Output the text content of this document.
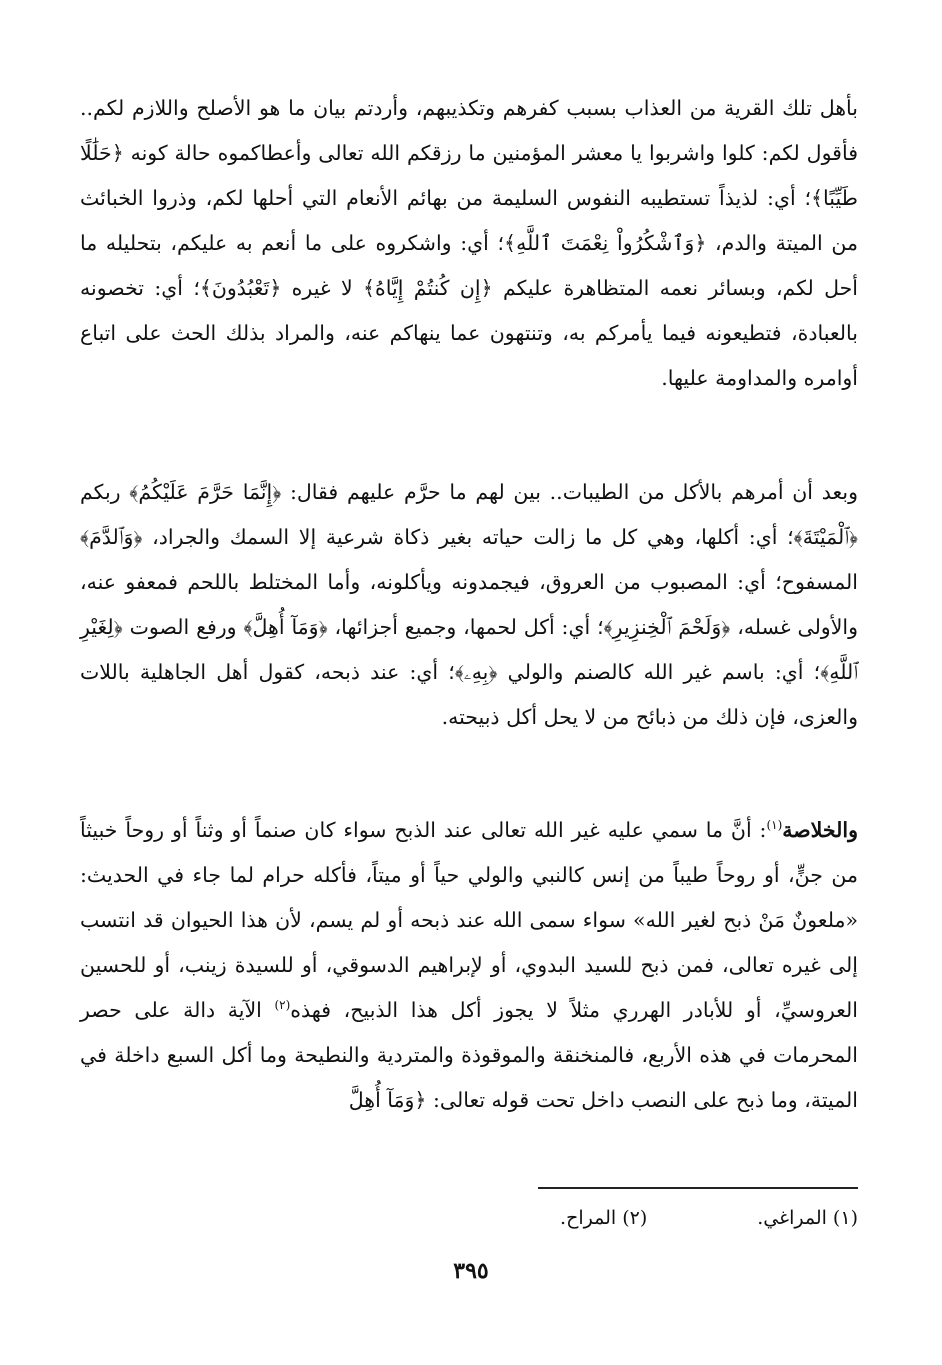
بأهل تلك القرية من العذاب بسبب كفرهم وتكذيبهم، وأردتم بيان ما هو الأصلح واللازم لكم.. فأقول لكم: كلوا واشربوا يا معشر المؤمنين ما رزقكم الله تعالى وأعطاكموه حالة كونه ﴿حَلَٰلًا طَيِّبًا﴾؛ أي: لذيذاً تستطيبه النفوس السليمة من بهائم الأنعام التي أحلها لكم، وذروا الخبائث من الميتة والدم، ﴿وَٱشْكُرُواْ نِعْمَتَ ٱللَّهِ﴾؛ أي: واشكروه على ما أنعم به عليكم، بتحليله ما أحل لكم، وبسائر نعمه المتظاهرة عليكم ﴿إِن كُنتُمْ إِيَّاهُ﴾ لا غيره ﴿تَعْبُدُونَ﴾؛ أي: تخصونه بالعبادة، فتطيعونه فيما يأمركم به، وتنتهون عما ينهاكم عنه، والمراد بذلك الحث على اتباع أوامره والمداومة عليها.

وبعد أن أمرهم بالأكل من الطيبات.. بين لهم ما حرَّم عليهم فقال: ﴿إِنَّمَا حَرَّمَ عَلَيْكُمُ﴾ ربكم ﴿ٱلْمَيْتَةَ﴾؛ أي: أكلها، وهي كل ما زالت حياته بغير ذكاة شرعية إلا السمك والجراد، ﴿وَٱلدَّمَ﴾ المسفوح؛ أي: المصبوب من العروق، فيجمدونه ويأكلونه، وأما المختلط باللحم فمعفو عنه، والأولى غسله، ﴿وَلَحْمَ ٱلْخِنزِيرِ﴾؛ أي: أكل لحمها، وجميع أجزائها، ﴿وَمَآ أُهِلَّ﴾ ورفع الصوت ﴿لِغَيْرِ ٱللَّهِ﴾؛ أي: باسم غير الله كالصنم والولي ﴿بِهِۦ﴾؛ أي: عند ذبحه، كقول أهل الجاهلية باللات والعزى، فإن ذلك من ذبائح من لا يحل أكل ذبيحته.

والخلاصة$^{(١)}$: أنَّ ما سمي عليه غير الله تعالى عند الذبح سواء كان صنماً أو وثناً أو روحاً خبيثاً من جنٍّ، أو روحاً طيباً من إنس كالنبي والولي حياً أو ميتاً، فأكله حرام لما جاء في الحديث: «ملعونٌ مَنْ ذبح لغير الله» سواء سمى الله عند ذبحه أو لم يسم، لأن هذا الحيوان قد انتسب إلى غيره تعالى، فمن ذبح للسيد البدوي، أو لإبراهيم الدسوقي، أو للسيدة زينب، أو للحسين العروسيِّ، أو للأبادر الهرري مثلاً لا يجوز أكل هذا الذبيح، فهذه$^{(٢)}$ الآية دالة على حصر المحرمات في هذه الأربع، فالمنخنقة والموقوذة والمتردية والنطيحة وما أكل السبع داخلة في الميتة، وما ذبح على النصب داخل تحت قوله تعالى: ﴿وَمَآ أُهِلَّ

(١) المراغي.
(٢) المراح.
٣٩٥
